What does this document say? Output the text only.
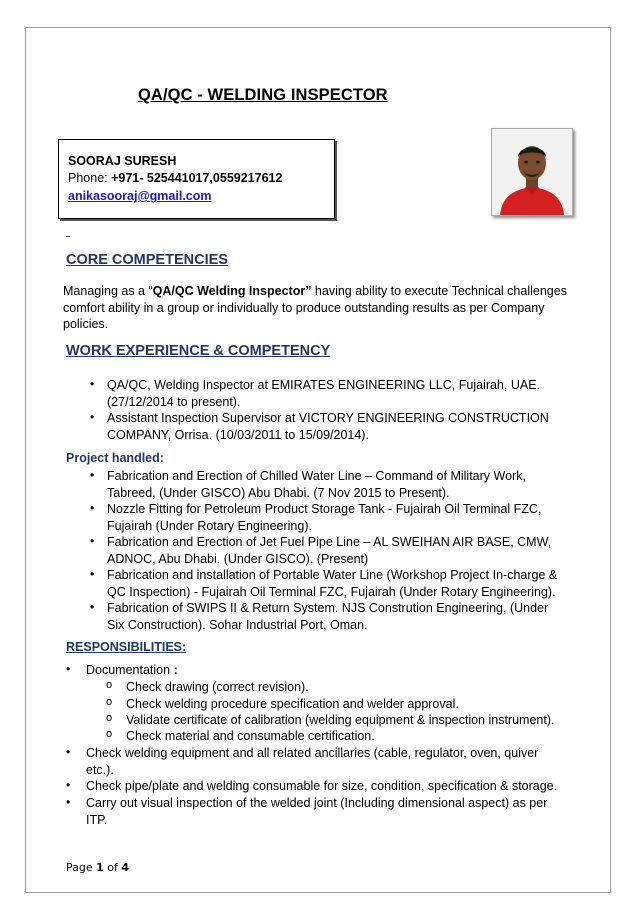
QA/QC - WELDING INSPECTOR
SOORAJ SURESH
Phone: +971- 525441017,0559217612
anikasooraj@gmail.com
CORE COMPETENCIES
Managing as a “QA/QC Welding Inspector” having ability to execute Technical challenges comfort ability in a group or individually to produce outstanding results as per Company policies.
WORK EXPERIENCE & COMPETENCY
• QA/QC, Welding Inspector at EMIRATES ENGINEERING LLC, Fujairah, UAE.
(27/12/2014 to present).
• Assistant Inspection Supervisor at VICTORY ENGINEERING CONSTRUCTION
COMPANY, Orrisa. (10/03/2011 to 15/09/2014).
Project handled:
• Fabrication and Erection of Chilled Water Line – Command of Military Work,
Tabreed, (Under GISCO) Abu Dhabi. (7 Nov 2015 to Present).
• Nozzle Fitting for Petroleum Product Storage Tank - Fujairah Oil Terminal FZC,
Fujairah (Under Rotary Engineering).
• Fabrication and Erection of Jet Fuel Pipe Line – AL SWEIHAN AIR BASE, CMW,
ADNOC, Abu Dhabi. (Under GISCO). (Present)
• Fabrication and installation of Portable Water Line (Workshop Project In-charge &
QC Inspection) - Fujairah Oil Terminal FZC, Fujairah (Under Rotary Engineering).
• Fabrication of SWIPS II & Return System. NJS Constrution Engineering, (Under
Six Construction). Sohar Industrial Port, Oman.
RESPONSIBILITIES:
• Documentation :
o Check drawing (correct revision).
o Check welding procedure specification and welder approval.
o Validate certificate of calibration (welding equipment & inspection instrument).
o Check material and consumable certification.
• Check welding equipment and all related ancillaries (cable, regulator, oven, quiver
etc.).
• Check pipe/plate and welding consumable for size, condition, specification & storage.
• Carry out visual inspection of the welded joint (Including dimensional aspect) as per
ITP.
Page 1 of 4
